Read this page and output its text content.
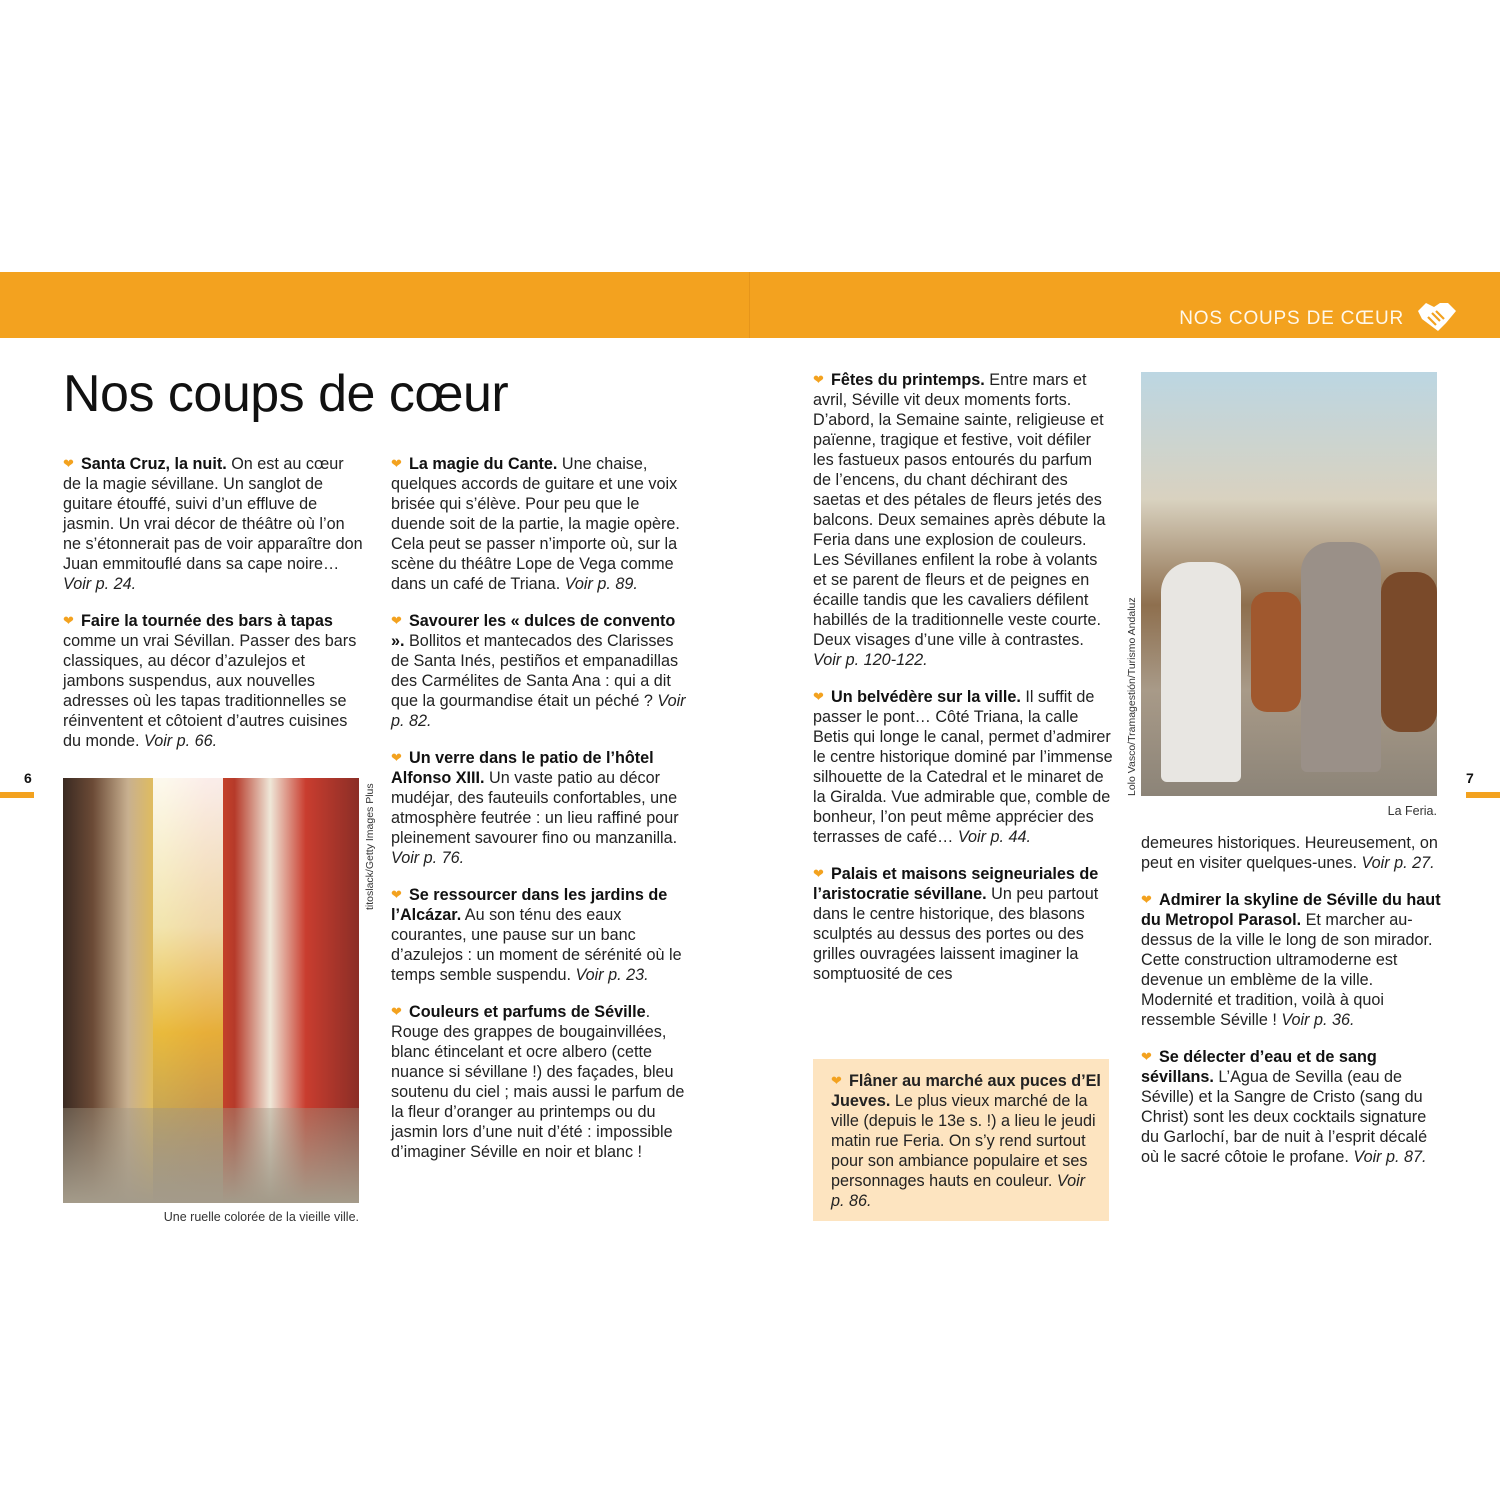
NOS COUPS DE CŒUR
Nos coups de cœur

❤ Santa Cruz, la nuit. On est au cœur de la magie sévillane. Un sanglot de guitare étouffé, suivi d’un effluve de jasmin. Un vrai décor de théâtre où l’on ne s’étonnerait pas de voir apparaître don Juan emmitouflé dans sa cape noire… Voir p. 24.

❤ Faire la tournée des bars à tapas comme un vrai Sévillan. Passer des bars classiques, au décor d’azulejos et jambons suspendus, aux nouvelles adresses où les tapas traditionnelles se réinventent et côtoient d’autres cuisines du monde. Voir p. 66.

titoslack/Getty Images Plus
Une ruelle colorée de la vieille ville.

❤ La magie du Cante. Une chaise, quelques accords de guitare et une voix brisée qui s’élève. Pour peu que le duende soit de la partie, la magie opère. Cela peut se passer n’importe où, sur la scène du théâtre Lope de Vega comme dans un café de Triana. Voir p. 89.

❤ Savourer les « dulces de convento ». Bollitos et mantecados des Clarisses de Santa Inés, pestiños et empanadillas des Carmélites de Santa Ana : qui a dit que la gourmandise était un péché ? Voir p. 82.

❤ Un verre dans le patio de l’hôtel Alfonso XIII. Un vaste patio au décor mudéjar, des fauteuils confortables, une atmosphère feutrée : un lieu raffiné pour pleinement savourer fino ou manzanilla. Voir p. 76.

❤ Se ressourcer dans les jardins de l’Alcázar. Au son ténu des eaux courantes, une pause sur un banc d’azulejos : un moment de sérénité où le temps semble suspendu. Voir p. 23.

❤ Couleurs et parfums de Séville. Rouge des grappes de bougainvillées, blanc étincelant et ocre albero (cette nuance si sévillane !) des façades, bleu soutenu du ciel ; mais aussi le parfum de la fleur d’oranger au printemps ou du jasmin lors d’une nuit d’été : impossible d’imaginer Séville en noir et blanc !

❤ Fêtes du printemps. Entre mars et avril, Séville vit deux moments forts. D’abord, la Semaine sainte, religieuse et païenne, tragique et festive, voit défiler les fastueux pasos entourés du parfum de l’encens, du chant déchirant des saetas et des pétales de fleurs jetés des balcons. Deux semaines après débute la Feria dans une explosion de couleurs. Les Sévillanes enfilent la robe à volants et se parent de fleurs et de peignes en écaille tandis que les cavaliers défilent habillés de la traditionnelle veste courte. Deux visages d’une ville à contrastes. Voir p. 120-122.

❤ Un belvédère sur la ville. Il suffit de passer le pont… Côté Triana, la calle Betis qui longe le canal, permet d’admirer le centre historique dominé par l’immense silhouette de la Catedral et le minaret de la Giralda. Vue admirable que, comble de bonheur, l’on peut même apprécier des terrasses de café… Voir p. 44.

❤ Palais et maisons seigneuriales de l’aristocratie sévillane. Un peu partout dans le centre historique, des blasons sculptés au dessus des portes ou des grilles ouvragées laissent imaginer la somptuosité de ces

❤ Flâner au marché aux puces d’El Jueves. Le plus vieux marché de la ville (depuis le 13e s. !) a lieu le jeudi matin rue Feria. On s’y rend surtout pour son ambiance populaire et ses personnages hauts en couleur. Voir p. 86.

Lolo Vasco/Tramagestión/Turismo Andaluz
La Feria.

demeures historiques. Heureusement, on peut en visiter quelques-unes. Voir p. 27.

❤ Admirer la skyline de Séville du haut du Metropol Parasol. Et marcher au-dessus de la ville le long de son mirador. Cette construction ultramoderne est devenue un emblème de la ville. Modernité et tradition, voilà à quoi ressemble Séville ! Voir p. 36.

❤ Se délecter d’eau et de sang sévillans. L’Agua de Sevilla (eau de Séville) et la Sangre de Cristo (sang du Christ) sont les deux cocktails signature du Garlochí, bar de nuit à l’esprit décalé où le sacré côtoie le profane. Voir p. 87.

6	7
